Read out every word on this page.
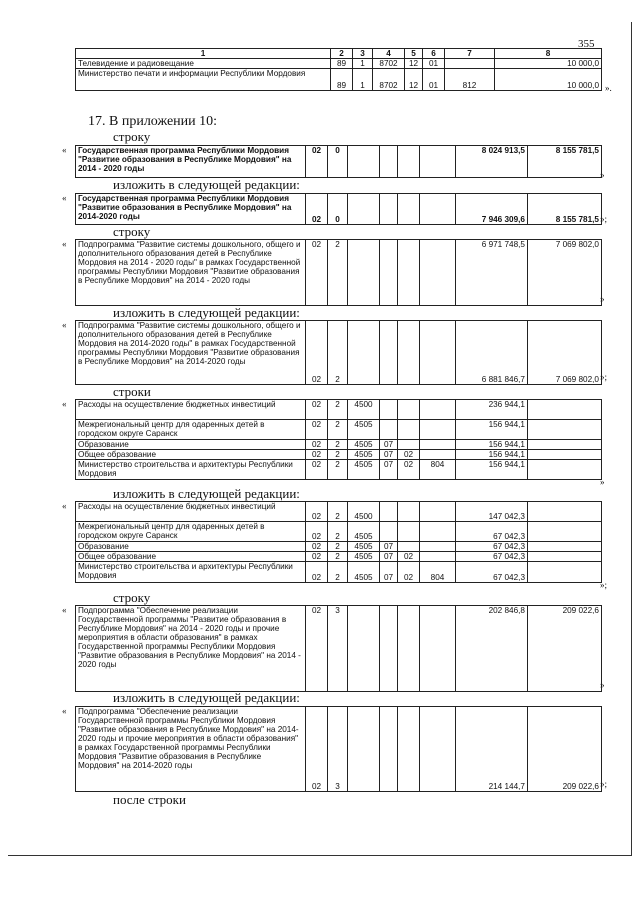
355
1	2	3	4	5	6	7	8
Телевидение и радиовещание	89	1	8702	12	01		10 000,0
Министерство печати и информации Республики Мордовия	89	1	8702	12	01	812	10 000,0 ».
17. В приложении 10:
строку
« Государственная программа Республики Мордовия "Развитие образования в Республике Мордовия" на 2014 - 2020 годы	02	0					8 024 913,5	8 155 781,5
»
изложить в следующей редакции:
« Государственная программа Республики Мордовия "Развитие образования в Республике Мордовия" на 2014-2020 годы	02	0					7 946 309,6	8 155 781,5 »;
строку
« Подпрограмма "Развитие системы дошкольного, общего и дополнительного образования детей в Республике Мордовия на 2014 - 2020 годы" в рамках Государственной программы Республики Мордовия "Развитие образования в Республике Мордовия" на 2014 - 2020 годы	02	2					6 971 748,5	7 069 802,0
»
изложить в следующей редакции:
« Подпрограмма "Развитие системы дошкольного, общего и дополнительного образования детей в Республике Мордовия на 2014-2020 годы" в рамках Государственной программы Республики Мордовия "Развитие образования в Республике Мордовия" на 2014-2020 годы	02	2					6 881 846,7	7 069 802,0 »;
строки
« Расходы на осуществление бюджетных инвестиций	02	2	4500				236 944,1	
Межрегиональный центр для одаренных детей в городском округе Саранск	02	2	4505				156 944,1	
Образование	02	2	4505	07			156 944,1	
Общее образование	02	2	4505	07	02		156 944,1	
Министерство строительства и архитектуры Республики Мордовия	02	2	4505	07	02	804	156 944,1	
»
изложить в следующей редакции:
« Расходы на осуществление бюджетных инвестиций	02	2	4500				147 042,3	
Межрегиональный центр для одаренных детей в городском округе Саранск	02	2	4505				67 042,3	
Образование	02	2	4505	07			67 042,3	
Общее образование	02	2	4505	07	02		67 042,3	
Министерство строительства и архитектуры Республики Мордовия	02	2	4505	07	02	804	67 042,3	
»;
строку
« Подпрограмма "Обеспечение реализации Государственной программы "Развитие образования в Республике Мордовия" на 2014 - 2020 годы и прочие мероприятия в области образования" в рамках Государственной программы Республики Мордовия "Развитие образования в Республике Мордовия" на 2014 - 2020 годы	02	3					202 846,8	209 022,6
»
изложить в следующей редакции:
« Подпрограмма "Обеспечение реализации Государственной программы Республики Мордовия "Развитие образования в Республике Мордовия" на 2014-2020 годы и прочие мероприятия в области образования" в рамках Государственной программы Республики Мордовия "Развитие образования в Республике Мордовия" на 2014-2020 годы	02	3					214 144,7	209 022,6 »;
после строки
